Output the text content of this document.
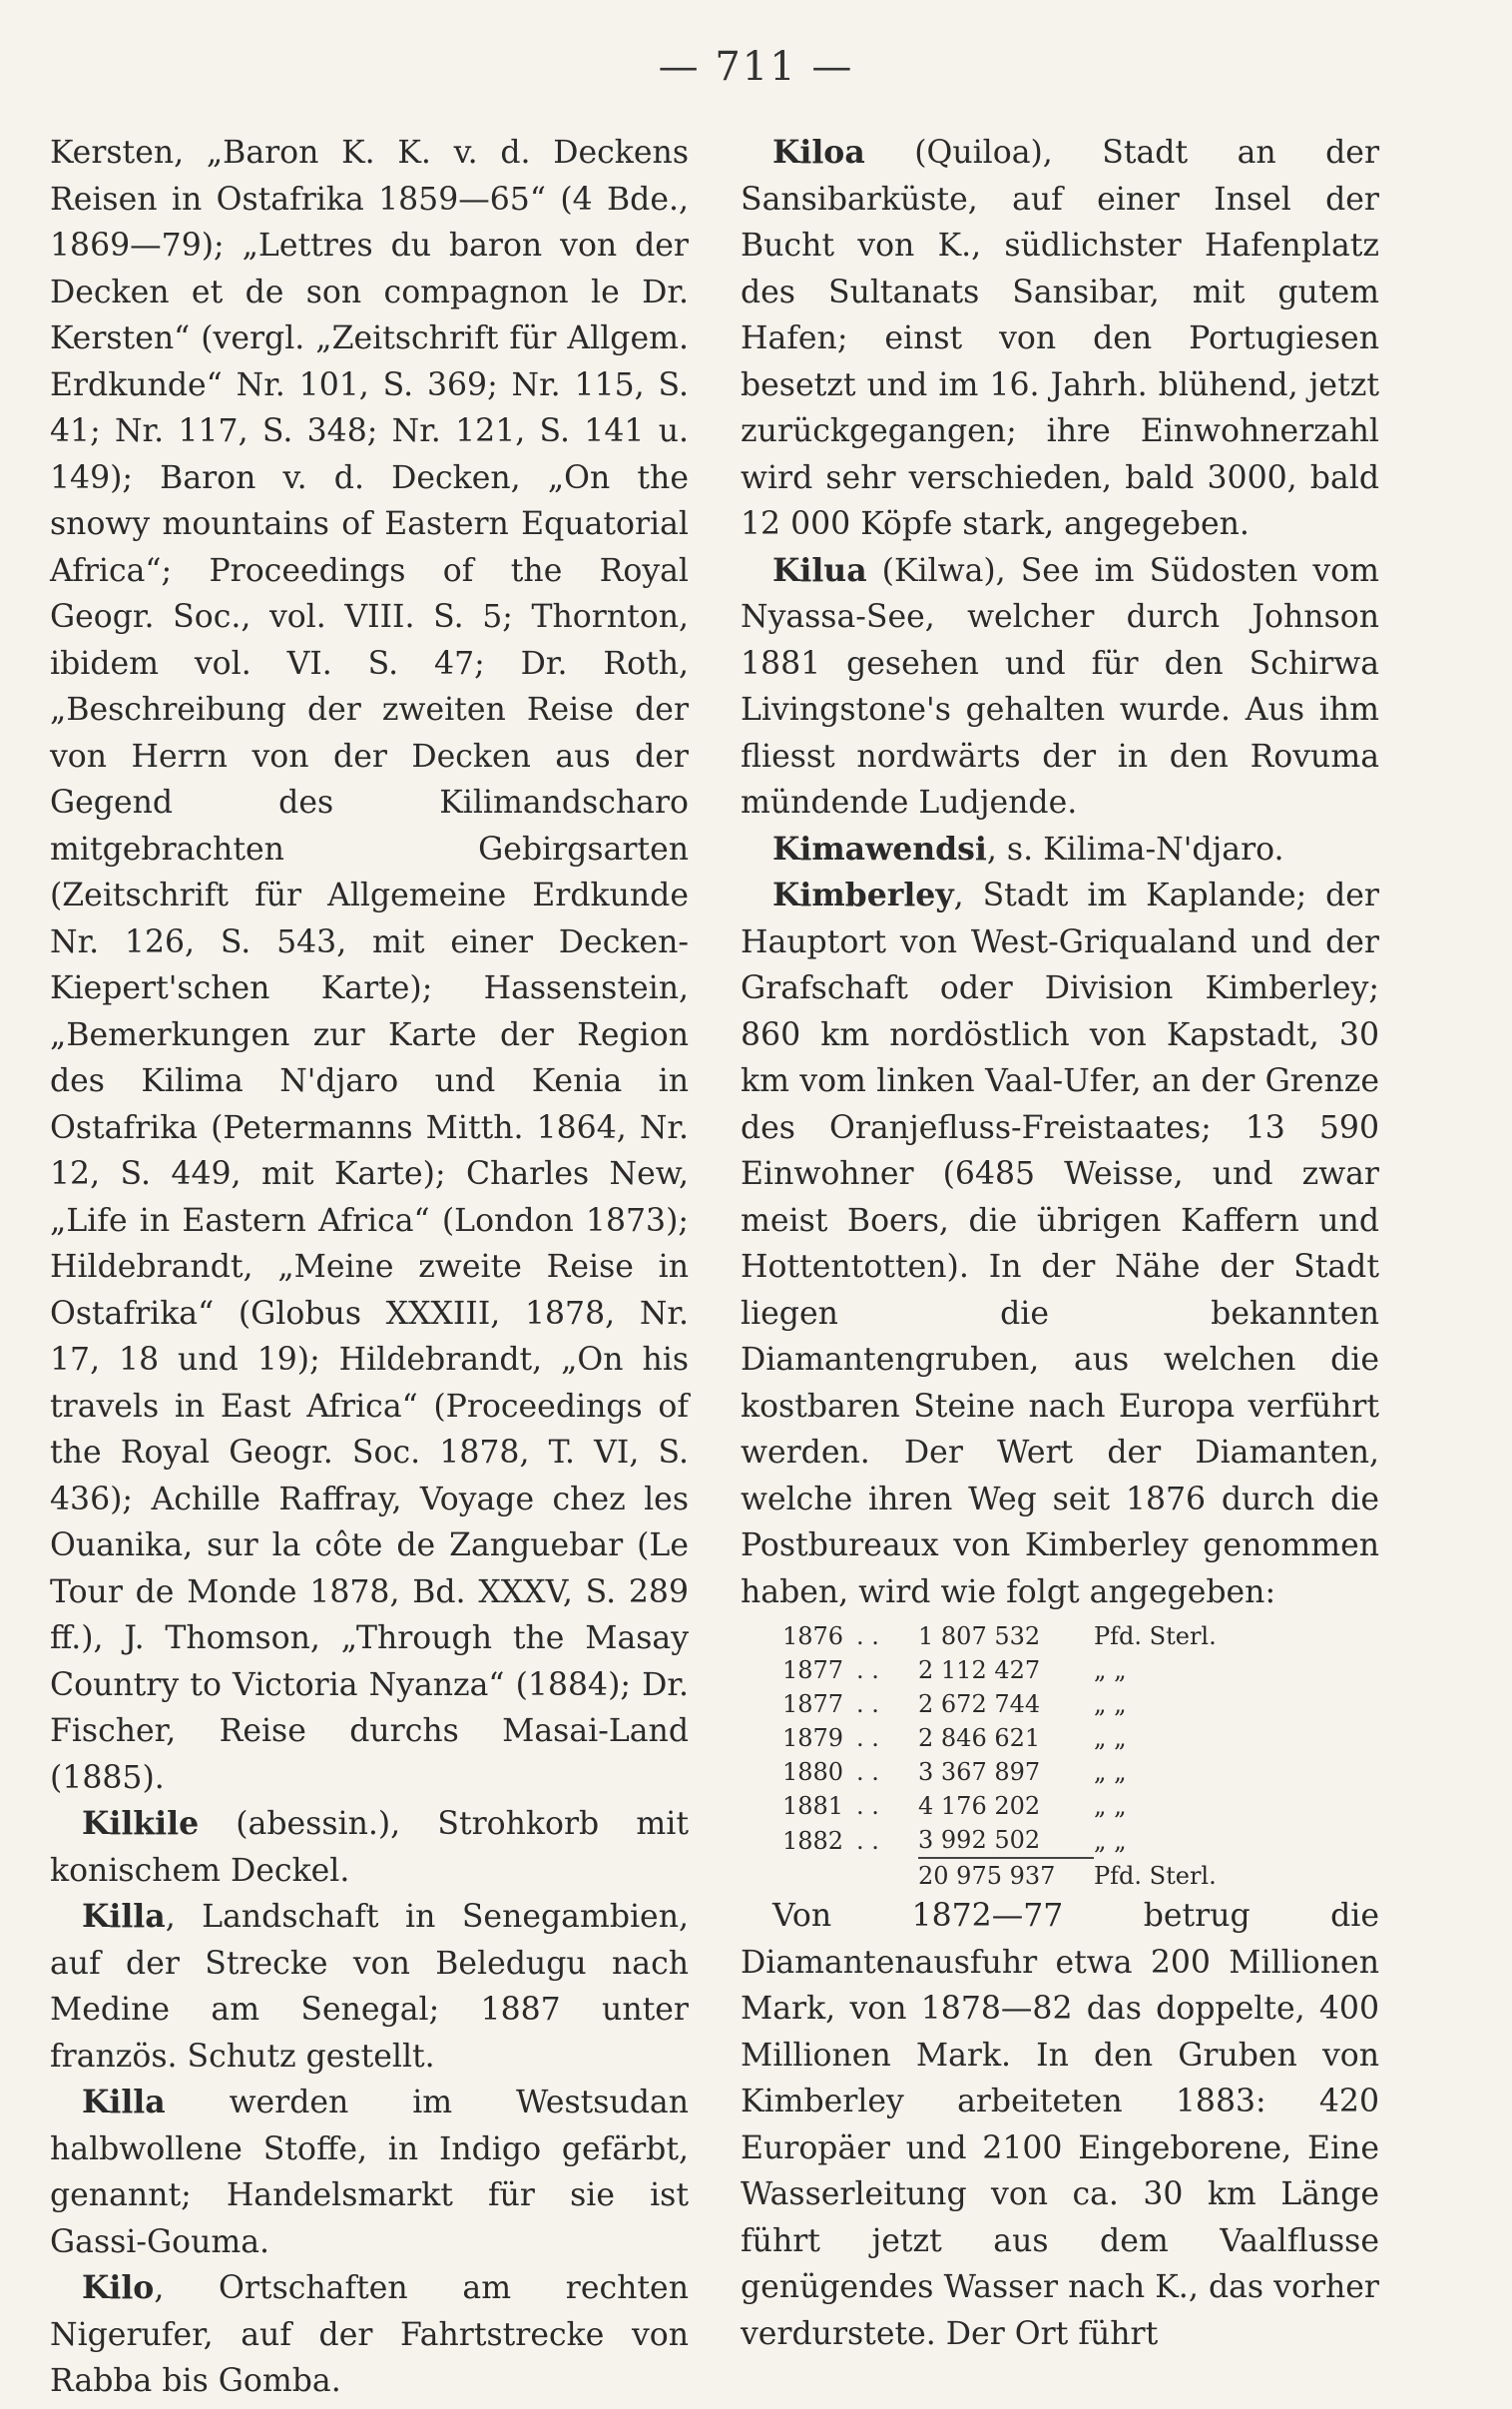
— 711 —

Kersten, „Baron K. K. v. d. Deckens Reisen in Ostafrika 1859—65“ (4 Bde., 1869—79); „Lettres du baron von der Decken et de son compagnon le Dr. Kersten“ (vergl. „Zeitschrift für Allgem. Erdkunde“ Nr. 101, S. 369; Nr. 115, S. 41; Nr. 117, S. 348; Nr. 121, S. 141 u. 149); Baron v. d. Decken, „On the snowy mountains of Eastern Equatorial Africa“; Proceedings of the Royal Geogr. Soc., vol. VIII. S. 5; Thornton, ibidem vol. VI. S. 47; Dr. Roth, „Beschreibung der zweiten Reise der von Herrn von der Decken aus der Gegend des Kilimandscharo mitgebrachten Gebirgsarten (Zeitschrift für Allgemeine Erdkunde Nr. 126, S. 543, mit einer Decken-Kiepert'schen Karte); Hassenstein, „Bemerkungen zur Karte der Region des Kilima N'djaro und Kenia in Ostafrika (Petermanns Mitth. 1864, Nr. 12, S. 449, mit Karte); Charles New, „Life in Eastern Africa“ (London 1873); Hildebrandt, „Meine zweite Reise in Ostafrika“ (Globus XXXIII, 1878, Nr. 17, 18 und 19); Hildebrandt, „On his travels in East Africa“ (Proceedings of the Royal Geogr. Soc. 1878, T. VI, S. 436); Achille Raffray, Voyage chez les Ouanika, sur la côte de Zanguebar (Le Tour de Monde 1878, Bd. XXXV, S. 289 ff.), J. Thomson, „Through the Masay Country to Victoria Nyanza“ (1884); Dr. Fischer, Reise durchs Masai-Land (1885).

Kilkile (abessin.), Strohkorb mit konischem Deckel.

Killa, Landschaft in Senegambien, auf der Strecke von Beledugu nach Medine am Senegal; 1887 unter französ. Schutz gestellt.

Killa werden im Westsudan halbwollene Stoffe, in Indigo gefärbt, genannt; Handelsmarkt für sie ist Gassi-Gouma.

Kilo, Ortschaften am rechten Nigerufer, auf der Fahrtstrecke von Rabba bis Gomba.

Kiloa (Quiloa), Stadt an der Sansibarküste, auf einer Insel der Bucht von K., südlichster Hafenplatz des Sultanats Sansibar, mit gutem Hafen; einst von den Portugiesen besetzt und im 16. Jahrh. blühend, jetzt zurückgegangen; ihre Einwohnerzahl wird sehr verschieden, bald 3000, bald 12 000 Köpfe stark, angegeben.

Kilua (Kilwa), See im Südosten vom Nyassa-See, welcher durch Johnson 1881 gesehen und für den Schirwa Livingstone's gehalten wurde. Aus ihm fliesst nordwärts der in den Rovuma mündende Ludjende.

Kimawendsi, s. Kilima-N'djaro.

Kimberley, Stadt im Kaplande; der Hauptort von West-Griqualand und der Grafschaft oder Division Kimberley; 860 km nordöstlich von Kapstadt, 30 km vom linken Vaal-Ufer, an der Grenze des Oranjefluss-Freistaates; 13 590 Einwohner (6485 Weisse, und zwar meist Boers, die übrigen Kaffern und Hottentotten). In der Nähe der Stadt liegen die bekannten Diamantengruben, aus welchen die kostbaren Steine nach Europa verführt werden. Der Wert der Diamanten, welche ihren Weg seit 1876 durch die Postbureaux von Kimberley genommen haben, wird wie folgt angegeben:

1876	. .	1 807 532	Pfd. Sterl.
1877	. .	2 112 427	„ „
1877	. .	2 672 744	„ „
1879	. .	2 846 621	„ „
1880	. .	3 367 897	„ „
1881	. .	4 176 202	„ „
1882	. .	3 992 502	„ „
		20 975 937	Pfd. Sterl.

Von 1872—77 betrug die Diamantenausfuhr etwa 200 Millionen Mark, von 1878—82 das doppelte, 400 Millionen Mark. In den Gruben von Kimberley arbeiteten 1883: 420 Europäer und 2100 Eingeborene, Eine Wasserleitung von ca. 30 km Länge führt jetzt aus dem Vaalflusse genügendes Wasser nach K., das vorher verdurstete. Der Ort führt
